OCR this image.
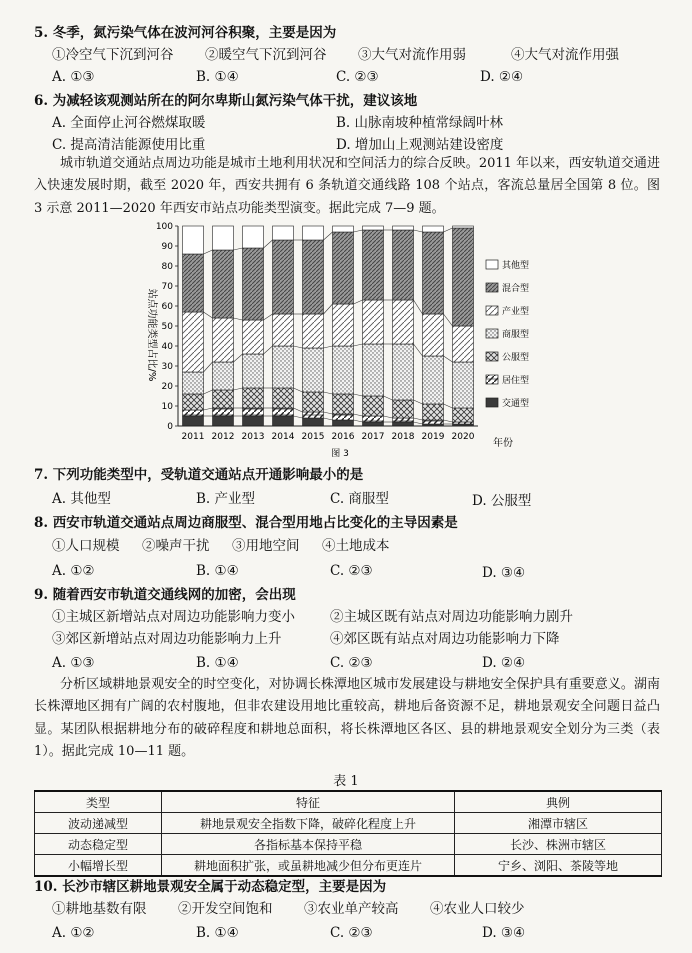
5. 冬季，氮污染气体在波河河谷积聚，主要是因为
①冷空气下沉到河谷 ②暖空气下沉到河谷 ③大气对流作用弱	④大气对流作用强
A. ①③	B. ①④	C. ②③	D. ②④
6. 为减轻该观测站所在的阿尔卑斯山氮污染气体干扰，建议该地
A. 全面停止河谷燃煤取暖	B. 山脉南坡种植常绿阔叶林
C. 提高清洁能源使用比重	D. 增加山上观测站建设密度
城市轨道交通站点周边功能是城市土地利用状况和空间活力的综合反映。2011 年以来，西安轨道交通进入快速发展时期，截至 2020 年，西安共拥有 6 条轨道交通线路 108 个站点，客流总量居全国第 8 位。图 3 示意 2011—2020 年西安市站点功能类型演变。据此完成 7—9 题。
0
10
20
30
40
50
60
70
80
90
100
2011 2012 2013 2014 2015 2016 2017 2018 2019 2020
其他型
混合型
产业型
商服型
公服型
居住型
交通型
站点功能类型占比/%
年份
图 3
7. 下列功能类型中，受轨道交通站点开通影响最小的是
A. 其他型	B. 产业型	C. 商服型	D. 公服型
8. 西安市轨道交通站点周边商服型、混合型用地占比变化的主导因素是
①人口规模 ②噪声干扰 ③用地空间 ④土地成本
A. ①②	B. ①④	C. ②③	D. ③④
9. 随着西安市轨道交通线网的加密，会出现
①主城区新增站点对周边功能影响力变小	②主城区既有站点对周边功能影响力剧升
③郊区新增站点对周边功能影响力上升	④郊区既有站点对周边功能影响力下降
A. ①③	B. ①④	C. ②③	D. ②④
分析区域耕地景观安全的时空变化，对协调长株潭地区城市发展建设与耕地安全保护具有重要意义。湖南长株潭地区拥有广阔的农村腹地，但非农建设用地比重较高，耕地后备资源不足，耕地景观安全问题日益凸显。某团队根据耕地分布的破碎程度和耕地总面积，将长株潭地区各区、县的耕地景观安全划分为三类（表 1）。据此完成 10—11 题。
表 1
类型	特征	典例
波动递减型	耕地景观安全指数下降，破碎化程度上升	湘潭市辖区
动态稳定型	各指标基本保持平稳	长沙、株洲市辖区
小幅增长型	耕地面积扩张，或虽耕地减少但分布更连片	宁乡、浏阳、茶陵等地
10. 长沙市辖区耕地景观安全属于动态稳定型，主要是因为
①耕地基数有限 ②开发空间饱和 ③农业单产较高 ④农业人口较少
A. ①②	B. ①④	C. ②③	D. ③④
